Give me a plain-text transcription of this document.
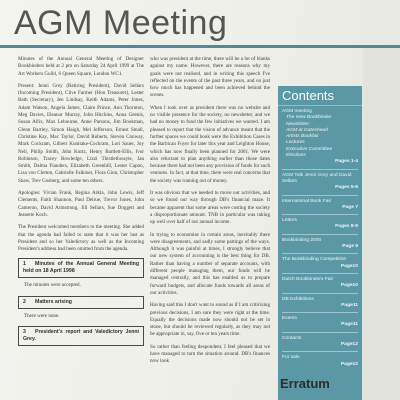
AGM Meeting

Minutes of the Annual General Meeting of Designer Bookbinders held at 2 pm on Saturday 24 April 1999 at The Art Workers Guild, 6 Queen Square, London WC1.

Present: Jenni Grey (Retiring President), David Sellars (Incoming President), Clive Farmer (Hon Treasurer), Lester Bath (Secretary), Jen Lindsay, Keith Adams, Peter Jones, Adam Watson, Angela James, Claire Prince, Ann Thornton, Meg Davies, Eleanor Murray, John Hitchins, Anna Geenis, Susan Allix, Max Lebourne, Anne Parsons, Jim Bookman, Glenn Bartley, Simon Haigh, Mel Jefferson, Ernest Small, Christine Kay, Mac Taylor, David Roberts, Steven Conway, Mark Cockram, Gilbert Kunitake-Cockram, Lori Sauer, Joy Nell, Philip Smith, John Kurtz, Henry Bartlett-Ellis, Ivor Robinson, Tracey Rowledge, Lizzi Thistlethwayte, Jan Smith, Dalma Flanders, Elizabeth Greenhill, Lester Capon, Lisa von Clemm, Gabrielle Falkiner, Flora Ginn, Christopher Shaw, Trev Gosberg, and some ten others.

Apologies: Vivian Frank, Regina Arkla, John Lewis, Jeff Clements, Faith Shannon, Paul Delrue, Trevor Jones, John Cameron, David Armstrong, Jill Sellars, Sue Doggett and Jeanette Koch.

The President welcomed members to the meeting. She added that the agenda had failed to state that it was her last as President and so her Valedictory as well as the Incoming President's address had been omitted from the agenda.

1 Minutes of the Annual General Meeting held on 18 April 1998
The minutes were accepted.
2 Matters arising
There were none.
3 President's report and Valedictory Jenni Grey.

who was president at the time, there will be a lot of blanks against my name. However, there are reasons why my goals were not realised, and in writing this speech I've reflected on the events of the past three years, and on just how much has happened and been achieved behind the scenes.

When I took over as president there was no website and no visible presence for the society, no newsletter, and we had no money to fund the few initiatives we wanted. I am pleased to report that the vision of advance meant that the further spaces we could book were the Exhibition Cases in the Barbican Foyer for later this year and Leighton House, which has now finally been planned for 2001. We were also reluctant to plan anything earlier than those dates because there had not been any provision of funds for such ventures. In fact, at that time, there were real concerns that the society was running out of money.

It was obvious that we needed to move our activities, and so we found our way through DB's financial maze. It became apparent that some areas were costing the society a disproportionate amount. TNB in particular was taking up well over half of our annual income.

In trying to economise in certain areas, inevitably there were disagreements, and sadly some partings of the ways. Although it was painful at times, I strongly believe that our new system of accounting is the best thing for DB. Rather than having a number of separate accounts, with different people managing them, our funds will be managed centrally, and this has enabled us to prepare forward budgets, and allocate funds towards all areas of our activities.

Having said this I don't want to sound as if I am criticising previous decisions, I am sure they were right at the time. Equally the decisions made now should not be set in stone, but should be reviewed regularly, as they may not be appropriate in, say, five or ten years time.

So rather than feeling despondent, I feel pleased that we have managed to turn the situation around. DB's finances now look

Contents
AGM meeting
The New Bookbinder
Newsletter
AGM at Gateshead
Artists Bookfair
Lectures
Executive Committee
Elections
Pages 1-4
AGM Talk Jenni Grey and David Sellars
Pages 5-6
International Book Fair
Page 7
Letters
Pages 8-9
Bookbinding 2000
Page 9
The Bookbinding Competition
Page10
Dutch Bookbinders Fair
Page10
DB Exhibitions
Page11
Events
Page11
Contacts
Page12
For sale
Page12
Erratum
